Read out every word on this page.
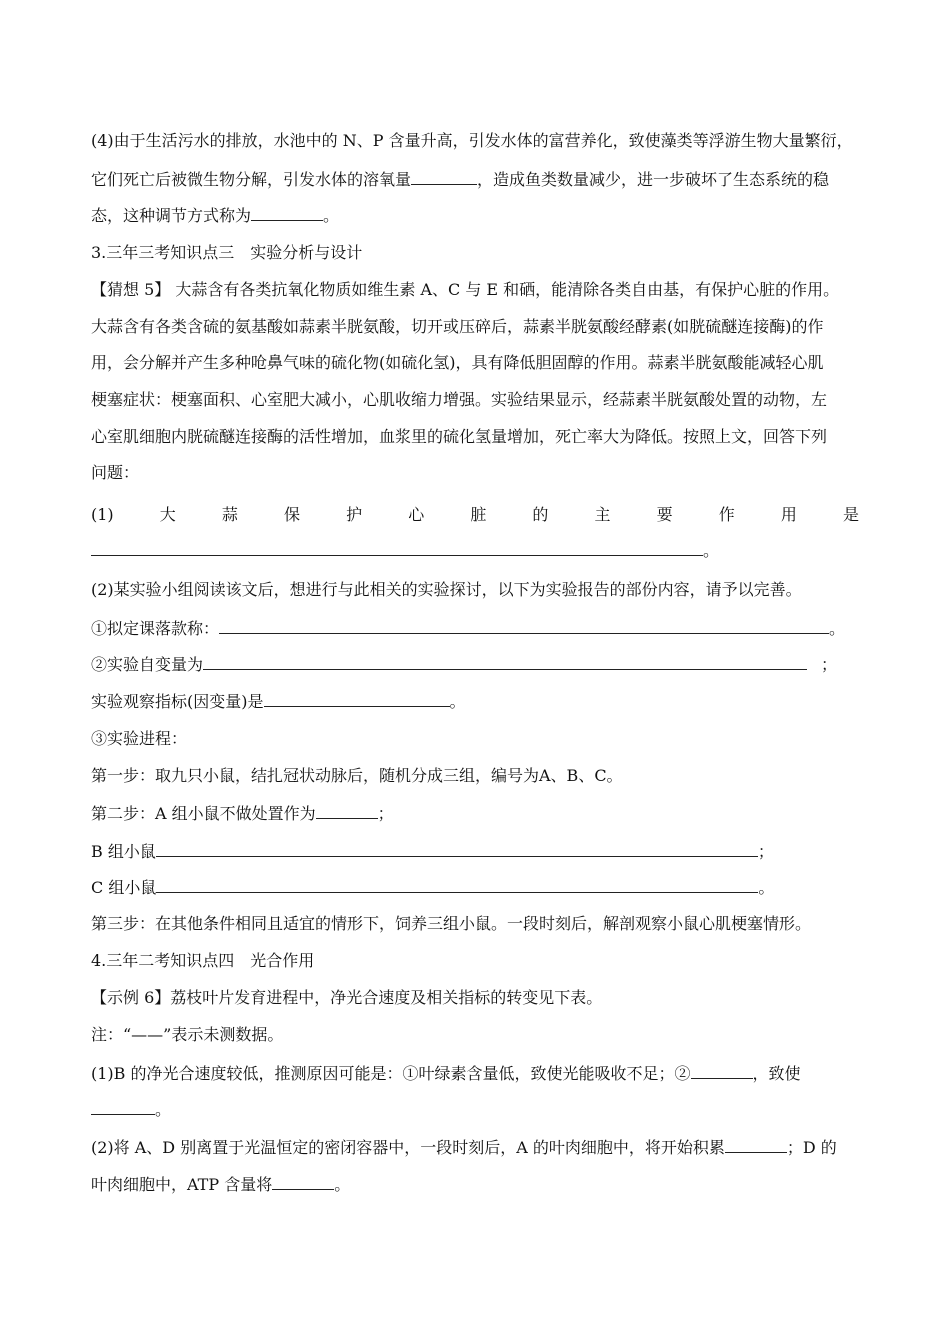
(4)由于生活污水的排放，水池中的 N、P 含量升高，引发水体的富营养化，致使藻类等浮游生物大量繁衍，
它们死亡后被微生物分解，引发水体的溶氧量	，造成鱼类数量减少，进一步破坏了生态系统的稳
态，这种调节方式称为	。
3.三年三考知识点三　实验分析与设计
【猜想 5】 大蒜含有各类抗氧化物质如维生素 A、C 与 E 和硒，能清除各类自由基，有保护心脏的作用。
大蒜含有各类含硫的氨基酸如蒜素半胱氨酸，切开或压碎后，蒜素半胱氨酸经酵素(如胱硫醚连接酶)的作
用，会分解并产生多种呛鼻气味的硫化物(如硫化氢)，具有降低胆固醇的作用。蒜素半胱氨酸能减轻心肌
梗塞症状：梗塞面积、心室肥大减小，心肌收缩力增强。实验结果显示，经蒜素半胱氨酸处置的动物，左
心室肌细胞内胱硫醚连接酶的活性增加，血浆里的硫化氢量增加，死亡率大为降低。按照上文，回答下列
问题：
(1)	大	蒜	保	护	心	脏	的	主	要	作	用	是
。
(2)某实验小组阅读该文后，想进行与此相关的实验探讨，以下为实验报告的部份内容，请予以完善。
①拟定课落款称：	。
②实验自变量为	；
实验观察指标(因变量)是	。
③实验进程：
第一步：取九只小鼠，结扎冠状动脉后，随机分成三组，编号为A、B、C。
第二步：A 组小鼠不做处置作为	；
B 组小鼠	；
C 组小鼠	。
第三步：在其他条件相同且适宜的情形下，饲养三组小鼠。一段时刻后，解剖观察小鼠心肌梗塞情形。
4.三年二考知识点四　光合作用
【示例 6】荔枝叶片发育进程中，净光合速度及相关指标的转变见下表。
注：“——”表示未测数据。
(1)B 的净光合速度较低，推测原因可能是：①叶绿素含量低，致使光能吸收不足；②	，致使
。
(2)将 A、D 别离置于光温恒定的密闭容器中，一段时刻后，A 的叶肉细胞中，将开始积累	；D 的
叶肉细胞中，ATP 含量将	。
